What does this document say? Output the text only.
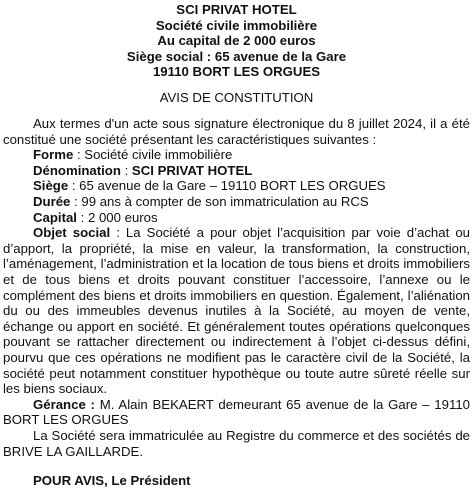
SCI PRIVAT HOTEL
Société civile immobilière
Au capital de 2 000 euros
Siège social : 65 avenue de la Gare
19110 BORT LES ORGUES
AVIS DE CONSTITUTION
Aux termes d'un acte sous signature électronique du 8 juillet 2024, il a été constitué une société présentant les caractéristiques suivantes :
Forme : Société civile immobilière
Dénomination : SCI PRIVAT HOTEL
Siège : 65 avenue de la Gare – 19110 BORT LES ORGUES
Durée : 99 ans à compter de son immatriculation au RCS
Capital : 2 000 euros
Objet social : La Société a pour objet l’acquisition par voie d’achat ou d’apport, la propriété, la mise en valeur, la transformation, la construction, l’aménagement, l’administration et la location de tous biens et droits immobiliers et de tous biens et droits pouvant constituer l’accessoire, l’annexe ou le complément des biens et droits immobiliers en question. Également, l’aliénation du ou des immeubles devenus inutiles à la Société, au moyen de vente, échange ou apport en société. Et généralement toutes opérations quelconques pouvant se rattacher directement ou indirectement à l’objet ci-dessus défini, pourvu que ces opérations ne modifient pas le caractère civil de la Société, la société peut notamment constituer hypothèque ou toute autre sûreté réelle sur les biens sociaux.
Gérance : M. Alain BEKAERT demeurant 65 avenue de la Gare – 19110 BORT LES ORGUES
La Société sera immatriculée au Registre du commerce et des sociétés de BRIVE LA GAILLARDE.
POUR AVIS, Le Président
